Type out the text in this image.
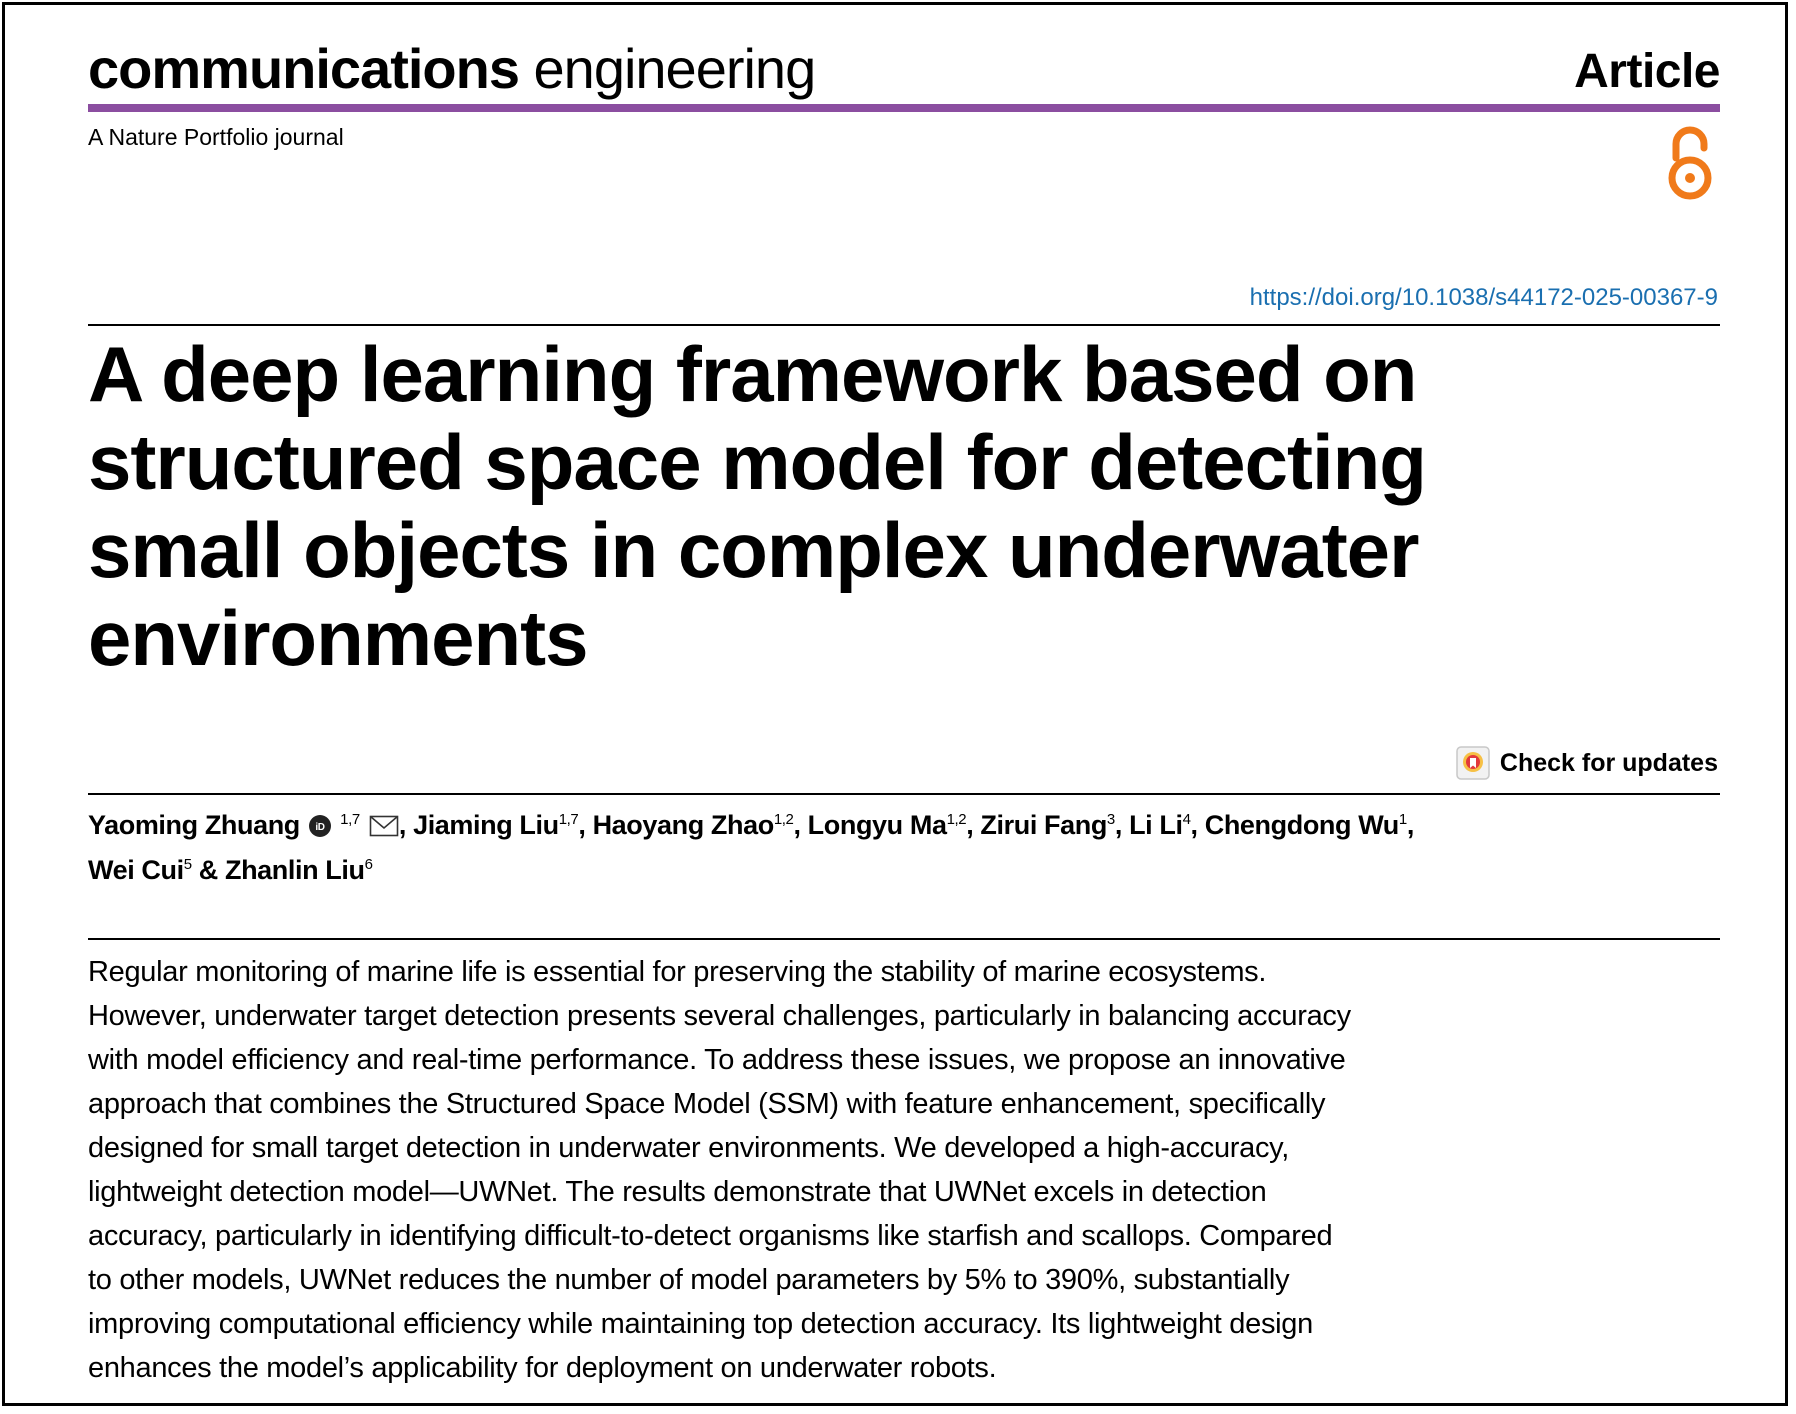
communications engineering	Article
A Nature Portfolio journal
https://doi.org/10.1038/s44172-025-00367-9
A deep learning framework based on
structured space model for detecting
small objects in complex underwater
environments
Check for updates
Yaoming Zhuang iD $^{1,7}$ , Jiaming Liu$^{1,7}$, Haoyang Zhao$^{1,2}$, Longyu Ma$^{1,2}$, Zirui Fang$^3$, Li Li$^4$, Chengdong Wu$^1$,
Wei Cui$^5$ & Zhanlin Liu$^6$
Regular monitoring of marine life is essential for preserving the stability of marine ecosystems.
However, underwater target detection presents several challenges, particularly in balancing accuracy
with model efficiency and real-time performance. To address these issues, we propose an innovative
approach that combines the Structured Space Model (SSM) with feature enhancement, specifically
designed for small target detection in underwater environments. We developed a high-accuracy,
lightweight detection model—UWNet. The results demonstrate that UWNet excels in detection
accuracy, particularly in identifying difficult-to-detect organisms like starfish and scallops. Compared
to other models, UWNet reduces the number of model parameters by 5% to 390%, substantially
improving computational efficiency while maintaining top detection accuracy. Its lightweight design
enhances the model’s applicability for deployment on underwater robots.
